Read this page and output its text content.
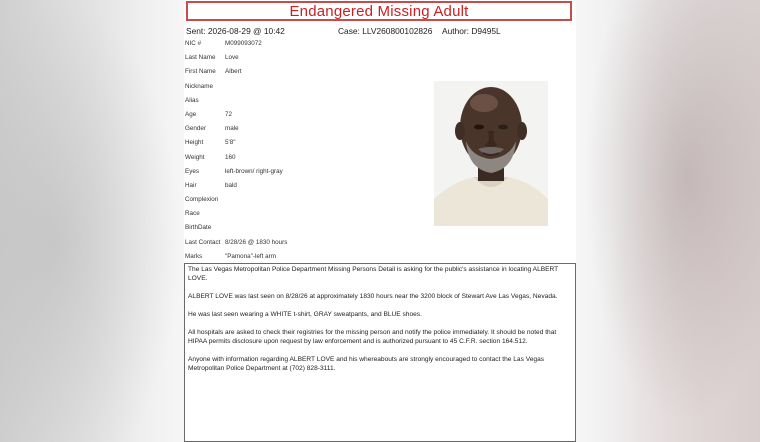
Endangered Missing Adult
Sent: 2026-08-29 @ 10:42	Case: LLV260800102826 Author: D9495L
NIC #	M099093072
Last Name Love
First Name Albert
Nickname
Alias
Age	72
Gender	male
Height	5'8"
Weight	160
Eyes	left-brown/ right-gray
Hair	bald
Complexion
Race
BirthDate
Last Contact 8/28/26 @ 1830 hours
Marks	"Pamona"-left arm

The Las Vegas Metropolitan Police Department Missing Persons Detail is asking for the public's assistance in locating ALBERT LOVE.

ALBERT LOVE was last seen on 8/28/26 at approximately 1830 hours near the 3200 block of Stewart Ave Las Vegas, Nevada.

He was last seen wearing a WHITE t-shirt, GRAY sweatpants, and BLUE shoes.

All hospitals are asked to check their registries for the missing person and notify the police immediately. It should be noted that HIPAA permits disclosure upon request by law enforcement and is authorized pursuant to 45 C.F.R. section 164.512.

Anyone with information regarding ALBERT LOVE and his whereabouts are strongly encouraged to contact the Las Vegas Metropolitan Police Department at (702) 828-3111.
